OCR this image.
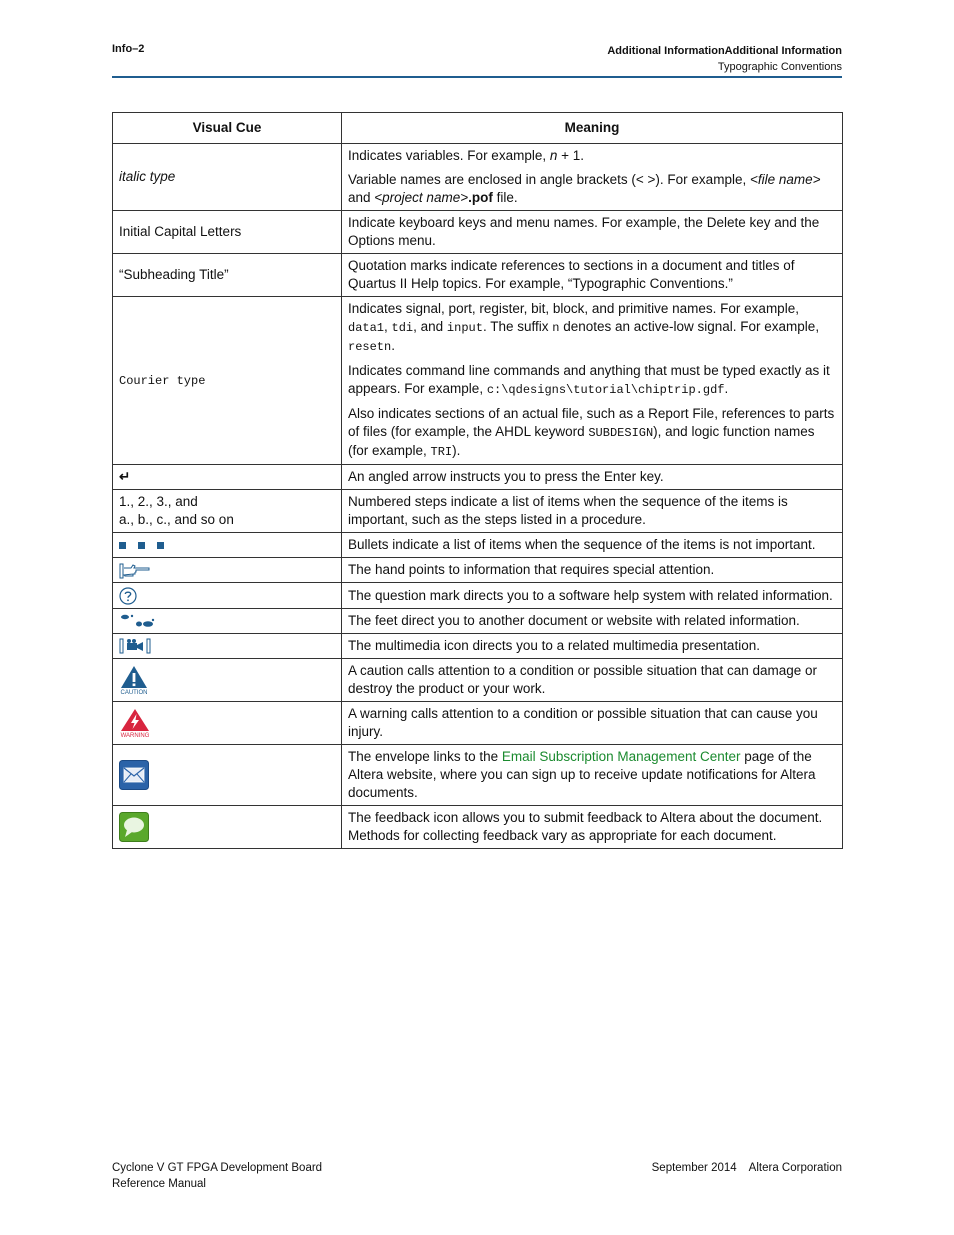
Info–2	Additional InformationAdditional Information
Typographic Conventions
Visual Cue	Meaning
italic type	Indicates variables. For example, n + 1.

Variable names are enclosed in angle brackets (< >). For example, <file name> and <project name>.pof file.

Initial Capital Letters	Indicate keyboard keys and menu names. For example, the Delete key and the Options menu.
“Subheading Title”	Quotation marks indicate references to sections in a document and titles of Quartus II Help topics. For example, “Typographic Conventions.”
Courier type	Indicates signal, port, register, bit, block, and primitive names. For example, data1, tdi, and input. The suffix n denotes an active-low signal. For example, resetn.

Indicates command line commands and anything that must be typed exactly as it appears. For example, c:\qdesigns\tutorial\chiptrip.gdf.

Also indicates sections of an actual file, such as a Report File, references to parts of files (for example, the AHDL keyword SUBDESIGN), and logic function names (for example, TRI).

↵	An angled arrow instructs you to press the Enter key.

1., 2., 3., and
a., b., c., and so on	Numbered steps indicate a list of items when the sequence of the items is important, such as the steps listed in a procedure.
	Bullets indicate a list of items when the sequence of the items is not important.
	The hand points to information that requires special attention.
	The question mark directs you to a software help system with related information.
	The feet direct you to another document or website with related information.
	The multimedia icon directs you to a related multimedia presentation.

CAUTION	A caution calls attention to a condition or possible situation that can damage or destroy the product or your work.

WARNING	A warning calls attention to a condition or possible situation that can cause you injury.
	The envelope links to the Email Subscription Management Center page of the Altera website, where you can sign up to receive update notifications for Altera documents.
	The feedback icon allows you to submit feedback to Altera about the document. Methods for collecting feedback vary as appropriate for each document.
Cyclone V GT FPGA Development Board
Reference Manual
September 2014 Altera Corporation
